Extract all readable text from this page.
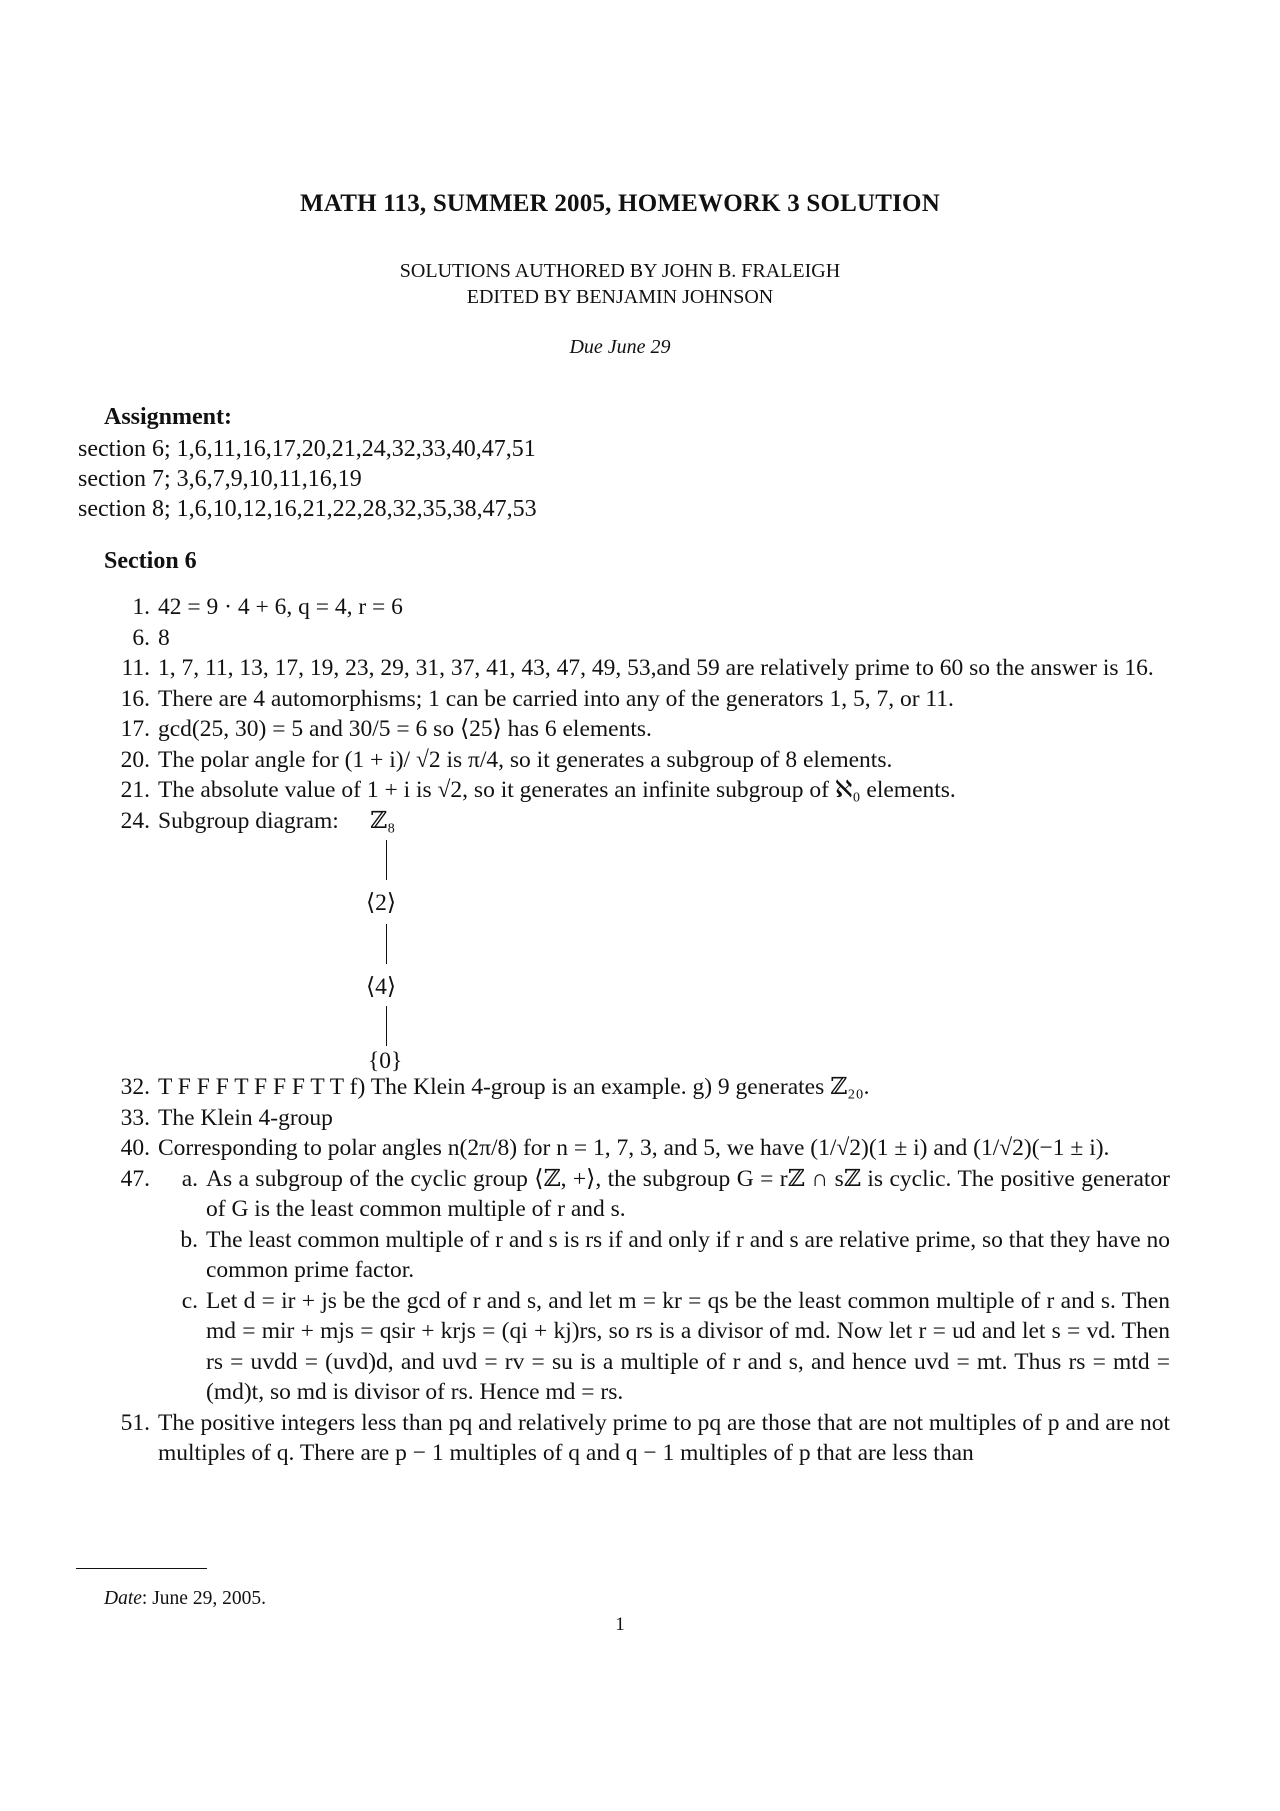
MATH 113, SUMMER 2005, HOMEWORK 3 SOLUTION
SOLUTIONS AUTHORED BY JOHN B. FRALEIGH
EDITED BY BENJAMIN JOHNSON
Due June 29
Assignment:
section 6; 1,6,11,16,17,20,21,24,32,33,40,47,51
section 7; 3,6,7,9,10,11,16,19
section 8; 1,6,10,12,16,21,22,28,32,35,38,47,53
Section 6
1. 42 = 9 · 4 + 6, q = 4, r = 6
6. 8
11. 1, 7, 11, 13, 17, 19, 23, 29, 31, 37, 41, 43, 47, 49, 53,and 59 are relatively prime to 60 so the answer is 16.
16. There are 4 automorphisms; 1 can be carried into any of the generators 1, 5, 7, or 11.
17. gcd(25, 30) = 5 and 30/5 = 6 so ⟨25⟩ has 6 elements.
20. The polar angle for (1 + i)/ √2 is π/4, so it generates a subgroup of 8 elements.
21. The absolute value of 1 + i is √2, so it generates an infinite subgroup of ℵ₀ elements.
24. Subgroup diagram: ℤ₈
⟨2⟩
⟨4⟩
{0}
32. T F F F T F F F T T f) The Klein 4-group is an example. g) 9 generates ℤ₂₀.
33. The Klein 4-group
40. Corresponding to polar angles n(2π/8) for n = 1, 7, 3, and 5, we have (1/√2)(1 ± i) and (1/√2)(−1 ± i).
47.	a. As a subgroup of the cyclic group ⟨ℤ, +⟩, the subgroup G = rℤ ∩ sℤ is cyclic. The positive generator of G is the least common multiple of r and s.
b. The least common multiple of r and s is rs if and only if r and s are relative prime, so that they have no common prime factor.
c. Let d = ir + js be the gcd of r and s, and let m = kr = qs be the least common multiple of r and s. Then md = mir + mjs = qsir + krjs = (qi + kj)rs, so rs is a divisor of md. Now let r = ud and let s = vd. Then rs = uvdd = (uvd)d, and uvd = rv = su is a multiple of r and s, and hence uvd = mt. Thus rs = mtd = (md)t, so md is divisor of rs. Hence md = rs.
51. The positive integers less than pq and relatively prime to pq are those that are not multiples of p and are not multiples of q. There are p − 1 multiples of q and q − 1 multiples of p that are less than
Date: June 29, 2005.
1
